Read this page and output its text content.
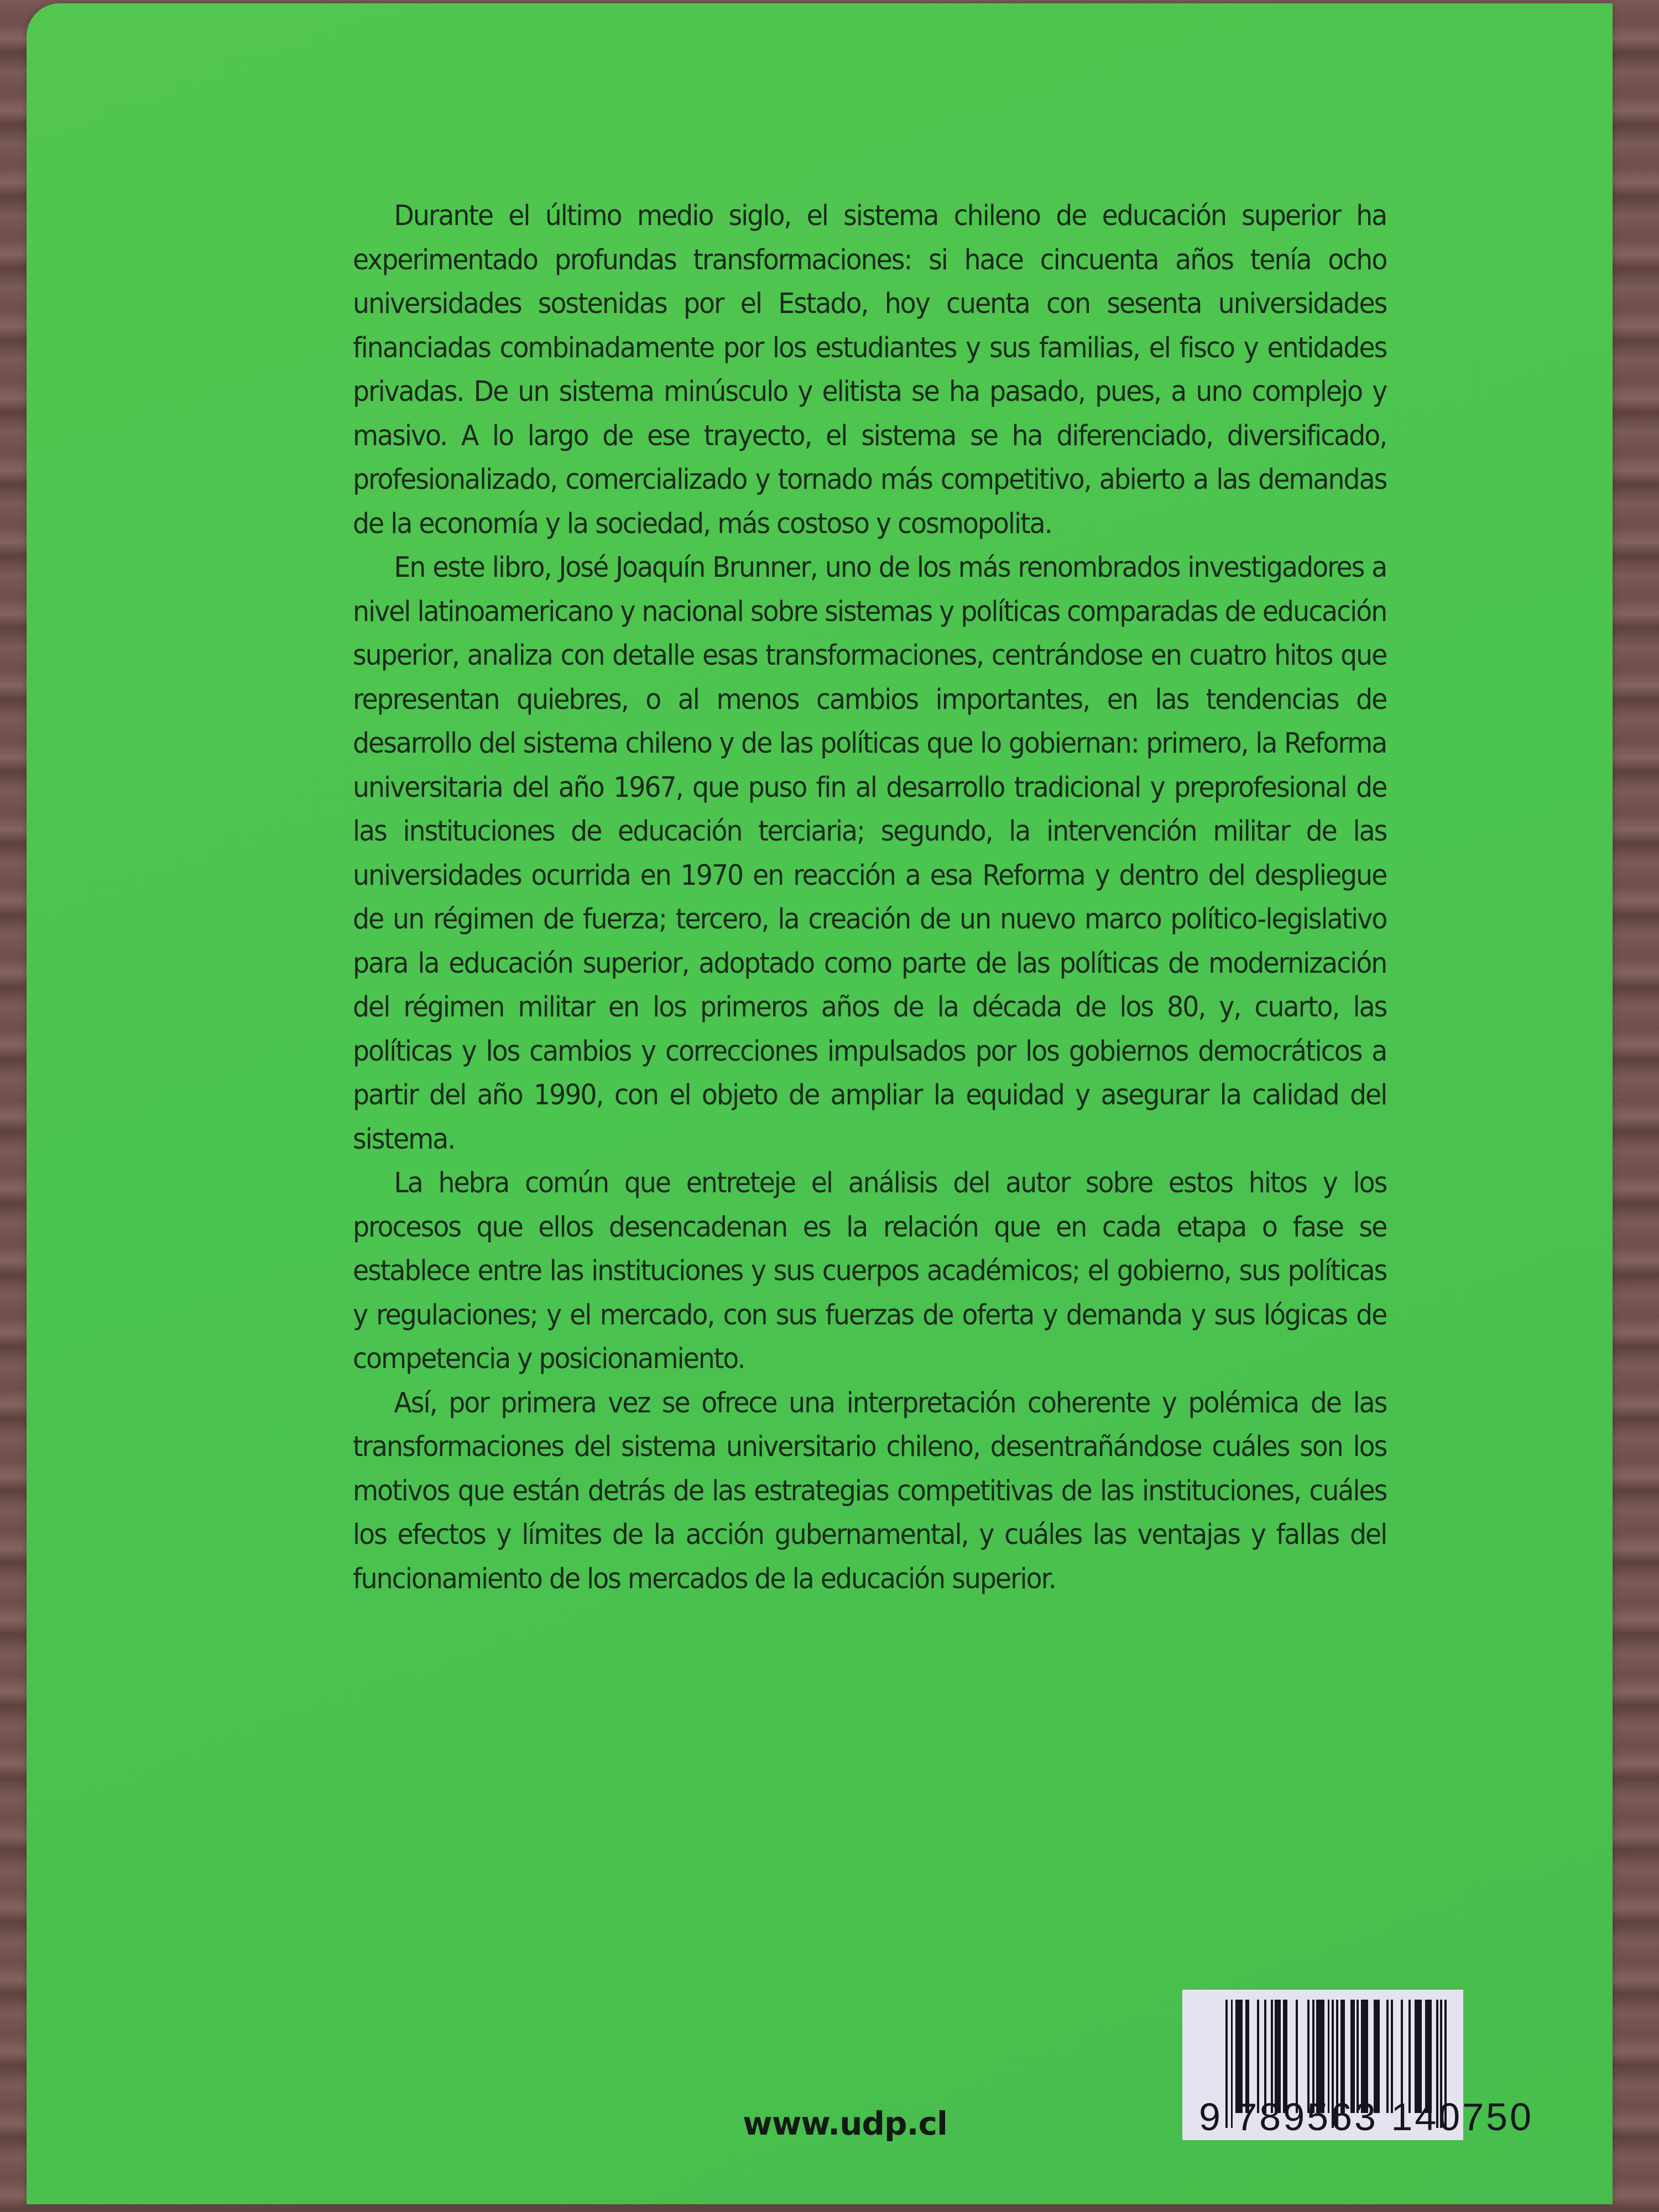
Durante el último medio siglo, el sistema chileno de educación superior ha experimentado profundas transformaciones: si hace cincuenta años tenía ocho universidades sostenidas por el Estado, hoy cuenta con sesenta universidades financiadas combinadamente por los estudiantes y sus familias, el fisco y entidades privadas. De un sistema minúsculo y elitista se ha pasado, pues, a uno complejo y masivo. A lo largo de ese trayecto, el sistema se ha diferenciado, diversificado, profesionalizado, comercializado y tornado más competitivo, abierto a las demandas de la economía y la sociedad, más costoso y cosmopolita.

En este libro, José Joaquín Brunner, uno de los más renombrados investigadores a nivel latinoamericano y nacional sobre sistemas y políticas comparadas de educación superior, analiza con detalle esas transformaciones, centrándose en cuatro hitos que representan quiebres, o al menos cambios importantes, en las tendencias de desarrollo del sistema chileno y de las políticas que lo gobiernan: primero, la Reforma universitaria del año 1967, que puso fin al desarrollo tradicional y preprofesional de las instituciones de educación terciaria; segundo, la intervención militar de las universidades ocurrida en 1970 en reacción a esa Reforma y dentro del despliegue de un régimen de fuerza; tercero, la creación de un nuevo marco político-legislativo para la educación superior, adoptado como parte de las políticas de modernización del régimen militar en los primeros años de la década de los 80, y, cuarto, las políticas y los cambios y correcciones impulsados por los gobiernos democráticos a partir del año 1990, con el objeto de ampliar la equidad y asegurar la calidad del sistema.

La hebra común que entreteje el análisis del autor sobre estos hitos y los procesos que ellos desencadenan es la relación que en cada etapa o fase se establece entre las instituciones y sus cuerpos académicos; el gobierno, sus políticas y regulaciones; y el mercado, con sus fuerzas de oferta y demanda y sus lógicas de competencia y posicionamiento.

Así, por primera vez se ofrece una interpretación coherente y polémica de las transformaciones del sistema universitario chileno, desentrañándose cuáles son los motivos que están detrás de las estrategias competitivas de las instituciones, cuáles los efectos y límites de la acción gubernamental, y cuáles las ventajas y fallas del funcionamiento de los mercados de la educación superior.

www.udp.cl	9 789563 140750
